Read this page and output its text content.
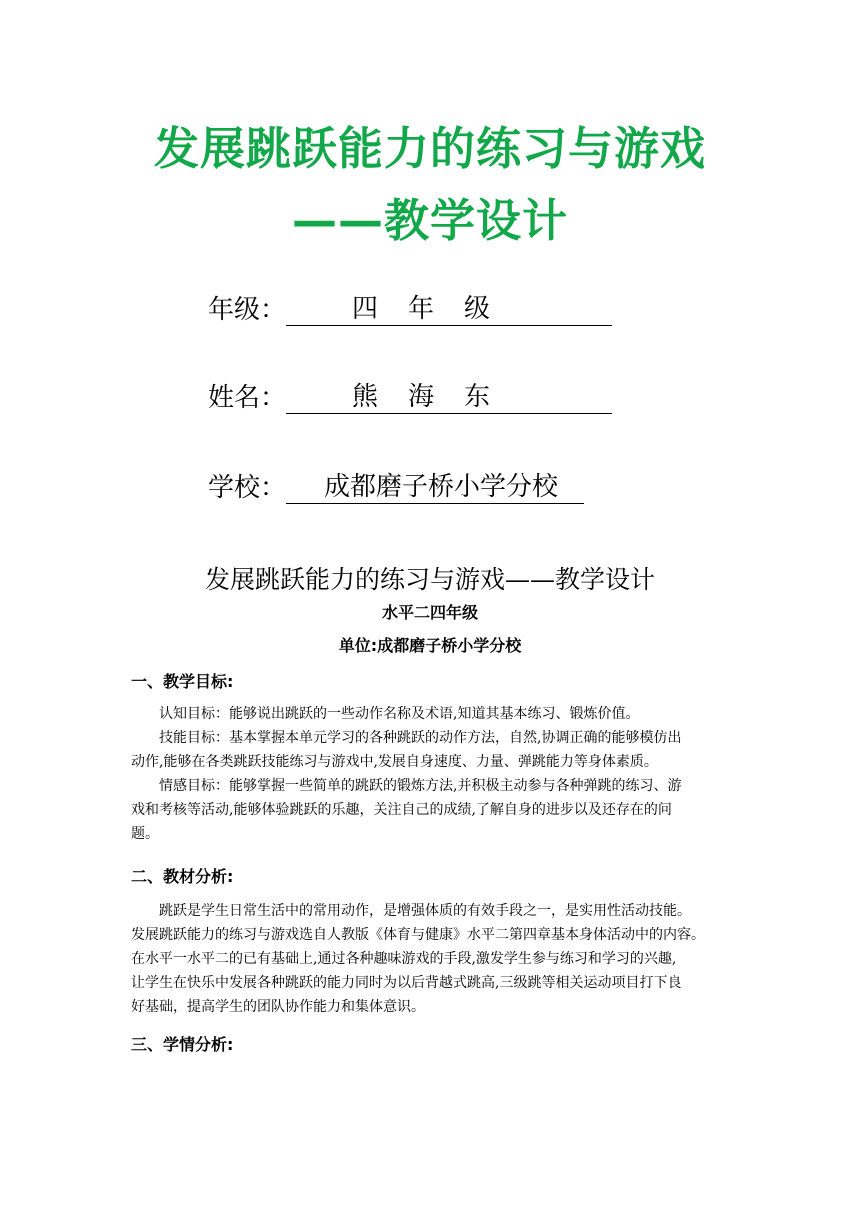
发展跳跃能力的练习与游戏
——教学设计
年级：	四年级
姓名：	熊海东
学校：	成都磨子桥小学分校
发展跳跃能力的练习与游戏——教学设计
水平二四年级
单位:成都磨子桥小学分校
一、教学目标:
认知目标：能够说出跳跃的一些动作名称及术语,知道其基本练习、锻炼价值。
技能目标：基本掌握本单元学习的各种跳跃的动作方法，自然,协调正确的能够模仿出
动作,能够在各类跳跃技能练习与游戏中,发展自身速度、力量、弹跳能力等身体素质。
情感目标：能够掌握一些简单的跳跃的锻炼方法,并积极主动参与各种弹跳的练习、游
戏和考核等活动,能够体验跳跃的乐趣，关注自己的成绩,了解自身的进步以及还存在的问
题。
二、教材分析:
跳跃是学生日常生活中的常用动作，是增强体质的有效手段之一，是实用性活动技能。
发展跳跃能力的练习与游戏选自人教版《体育与健康》水平二第四章基本身体活动中的内容。
在水平一水平二的已有基础上,通过各种趣味游戏的手段,激发学生参与练习和学习的兴趣,
让学生在快乐中发展各种跳跃的能力同时为以后背越式跳高,三级跳等相关运动项目打下良
好基础，提高学生的团队协作能力和集体意识。
三、学情分析:
